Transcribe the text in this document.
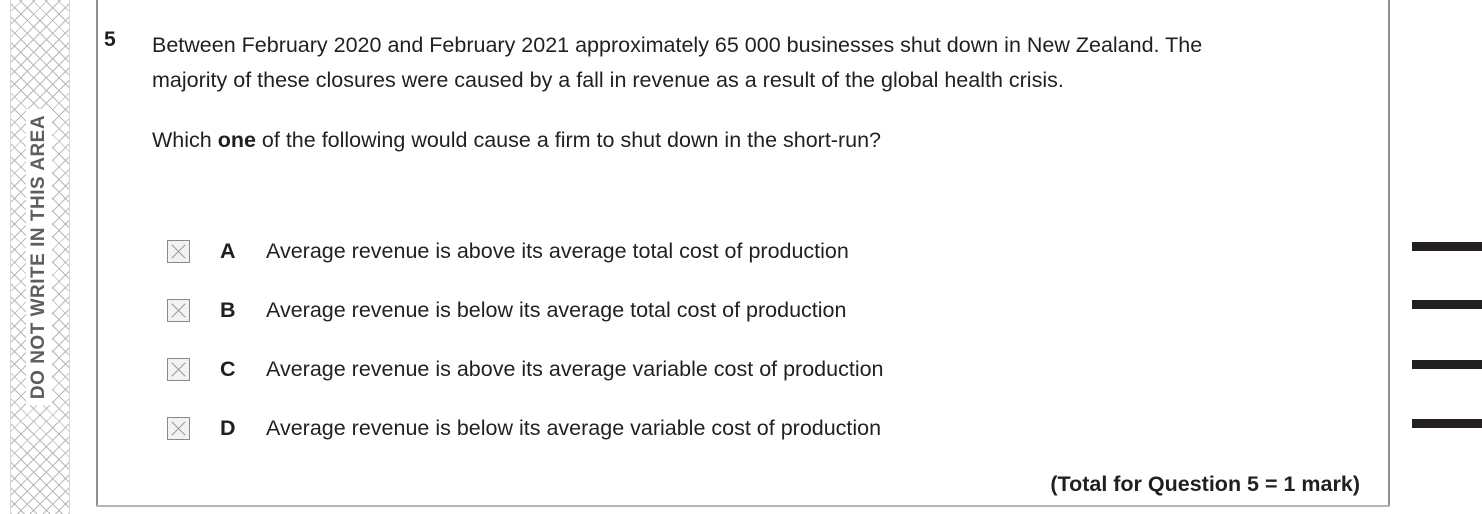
DO NOT WRITE IN THIS AREA
5	Between February 2020 and February 2021 approximately 65 000 businesses shut down in New Zealand. The majority of these closures were caused by a fall in revenue as a result of the global health crisis.

Which one of the following would cause a firm to shut down in the short-run?

A	Average revenue is above its average total cost of production
B	Average revenue is below its average total cost of production
C	Average revenue is above its average variable cost of production
D	Average revenue is below its average variable cost of production
(Total for Question 5 = 1 mark)
